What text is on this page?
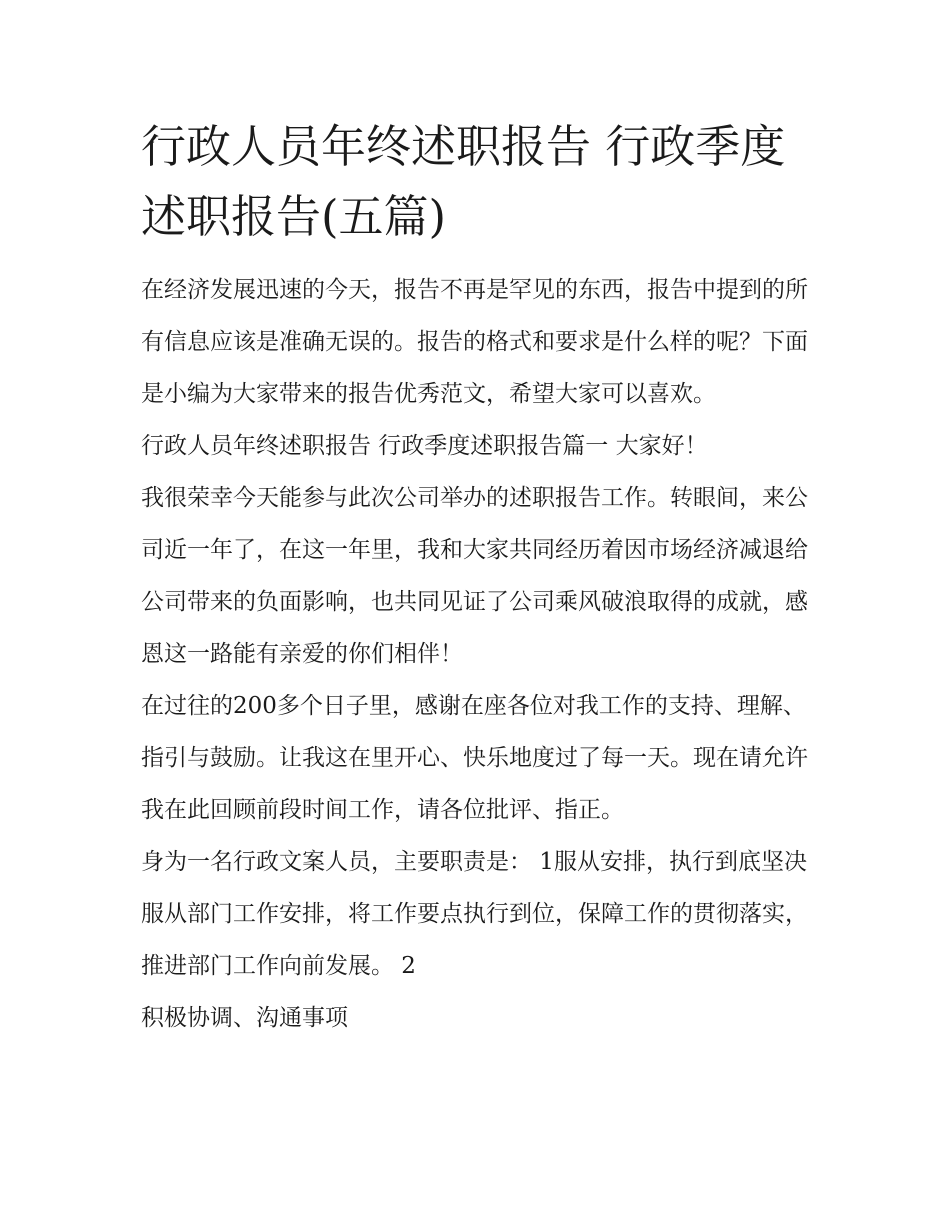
行政人员年终述职报告 行政季度述职报告(五篇)

在经济发展迅速的今天，报告不再是罕见的东西，报告中提到的所有信息应该是准确无误的。报告的格式和要求是什么样的呢？下面是小编为大家带来的报告优秀范文，希望大家可以喜欢。

行政人员年终述职报告 行政季度述职报告篇一 大家好！

我很荣幸今天能参与此次公司举办的述职报告工作。转眼间，来公司近一年了，在这一年里，我和大家共同经历着因市场经济减退给公司带来的负面影响，也共同见证了公司乘风破浪取得的成就，感恩这一路能有亲爱的你们相伴！

在过往的200多个日子里，感谢在座各位对我工作的支持、理解、指引与鼓励。让我这在里开心、快乐地度过了每一天。现在请允许我在此回顾前段时间工作，请各位批评、指正。

身为一名行政文案人员，主要职责是： 1服从安排，执行到底坚决服从部门工作安排，将工作要点执行到位，保障工作的贯彻落实，推进部门工作向前发展。 2

积极协调、沟通事项
